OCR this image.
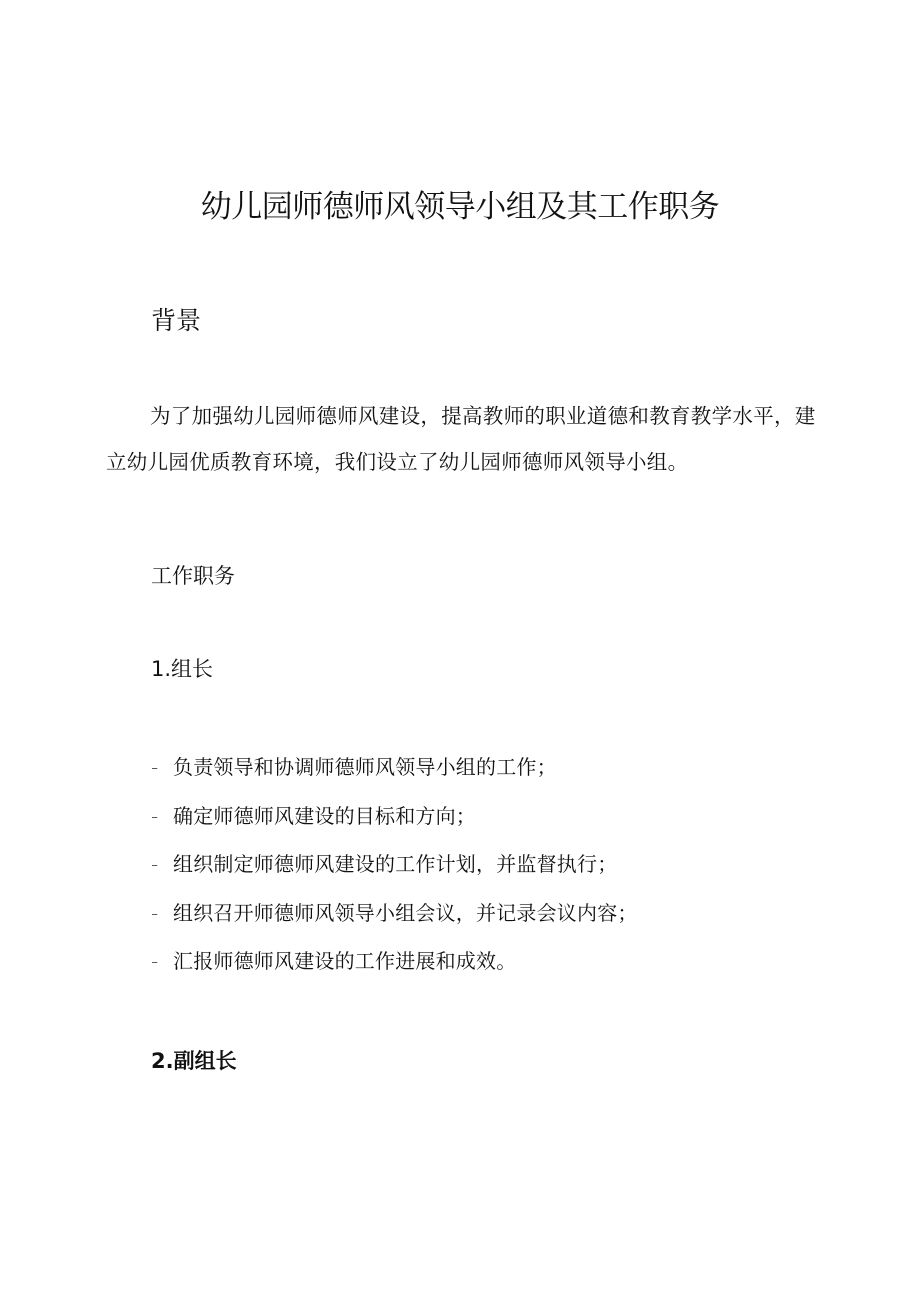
幼儿园师德师风领导小组及其工作职务
背景

为了加强幼儿园师德师风建设，提高教师的职业道德和教育教学水平，建立幼儿园优质教育环境，我们设立了幼儿园师德师风领导小组。

工作职务
1.组长
- 负责领导和协调师德师风领导小组的工作；
- 确定师德师风建设的目标和方向；
- 组织制定师德师风建设的工作计划，并监督执行；
- 组织召开师德师风领导小组会议，并记录会议内容；
- 汇报师德师风建设的工作进展和成效。
2.副组长
